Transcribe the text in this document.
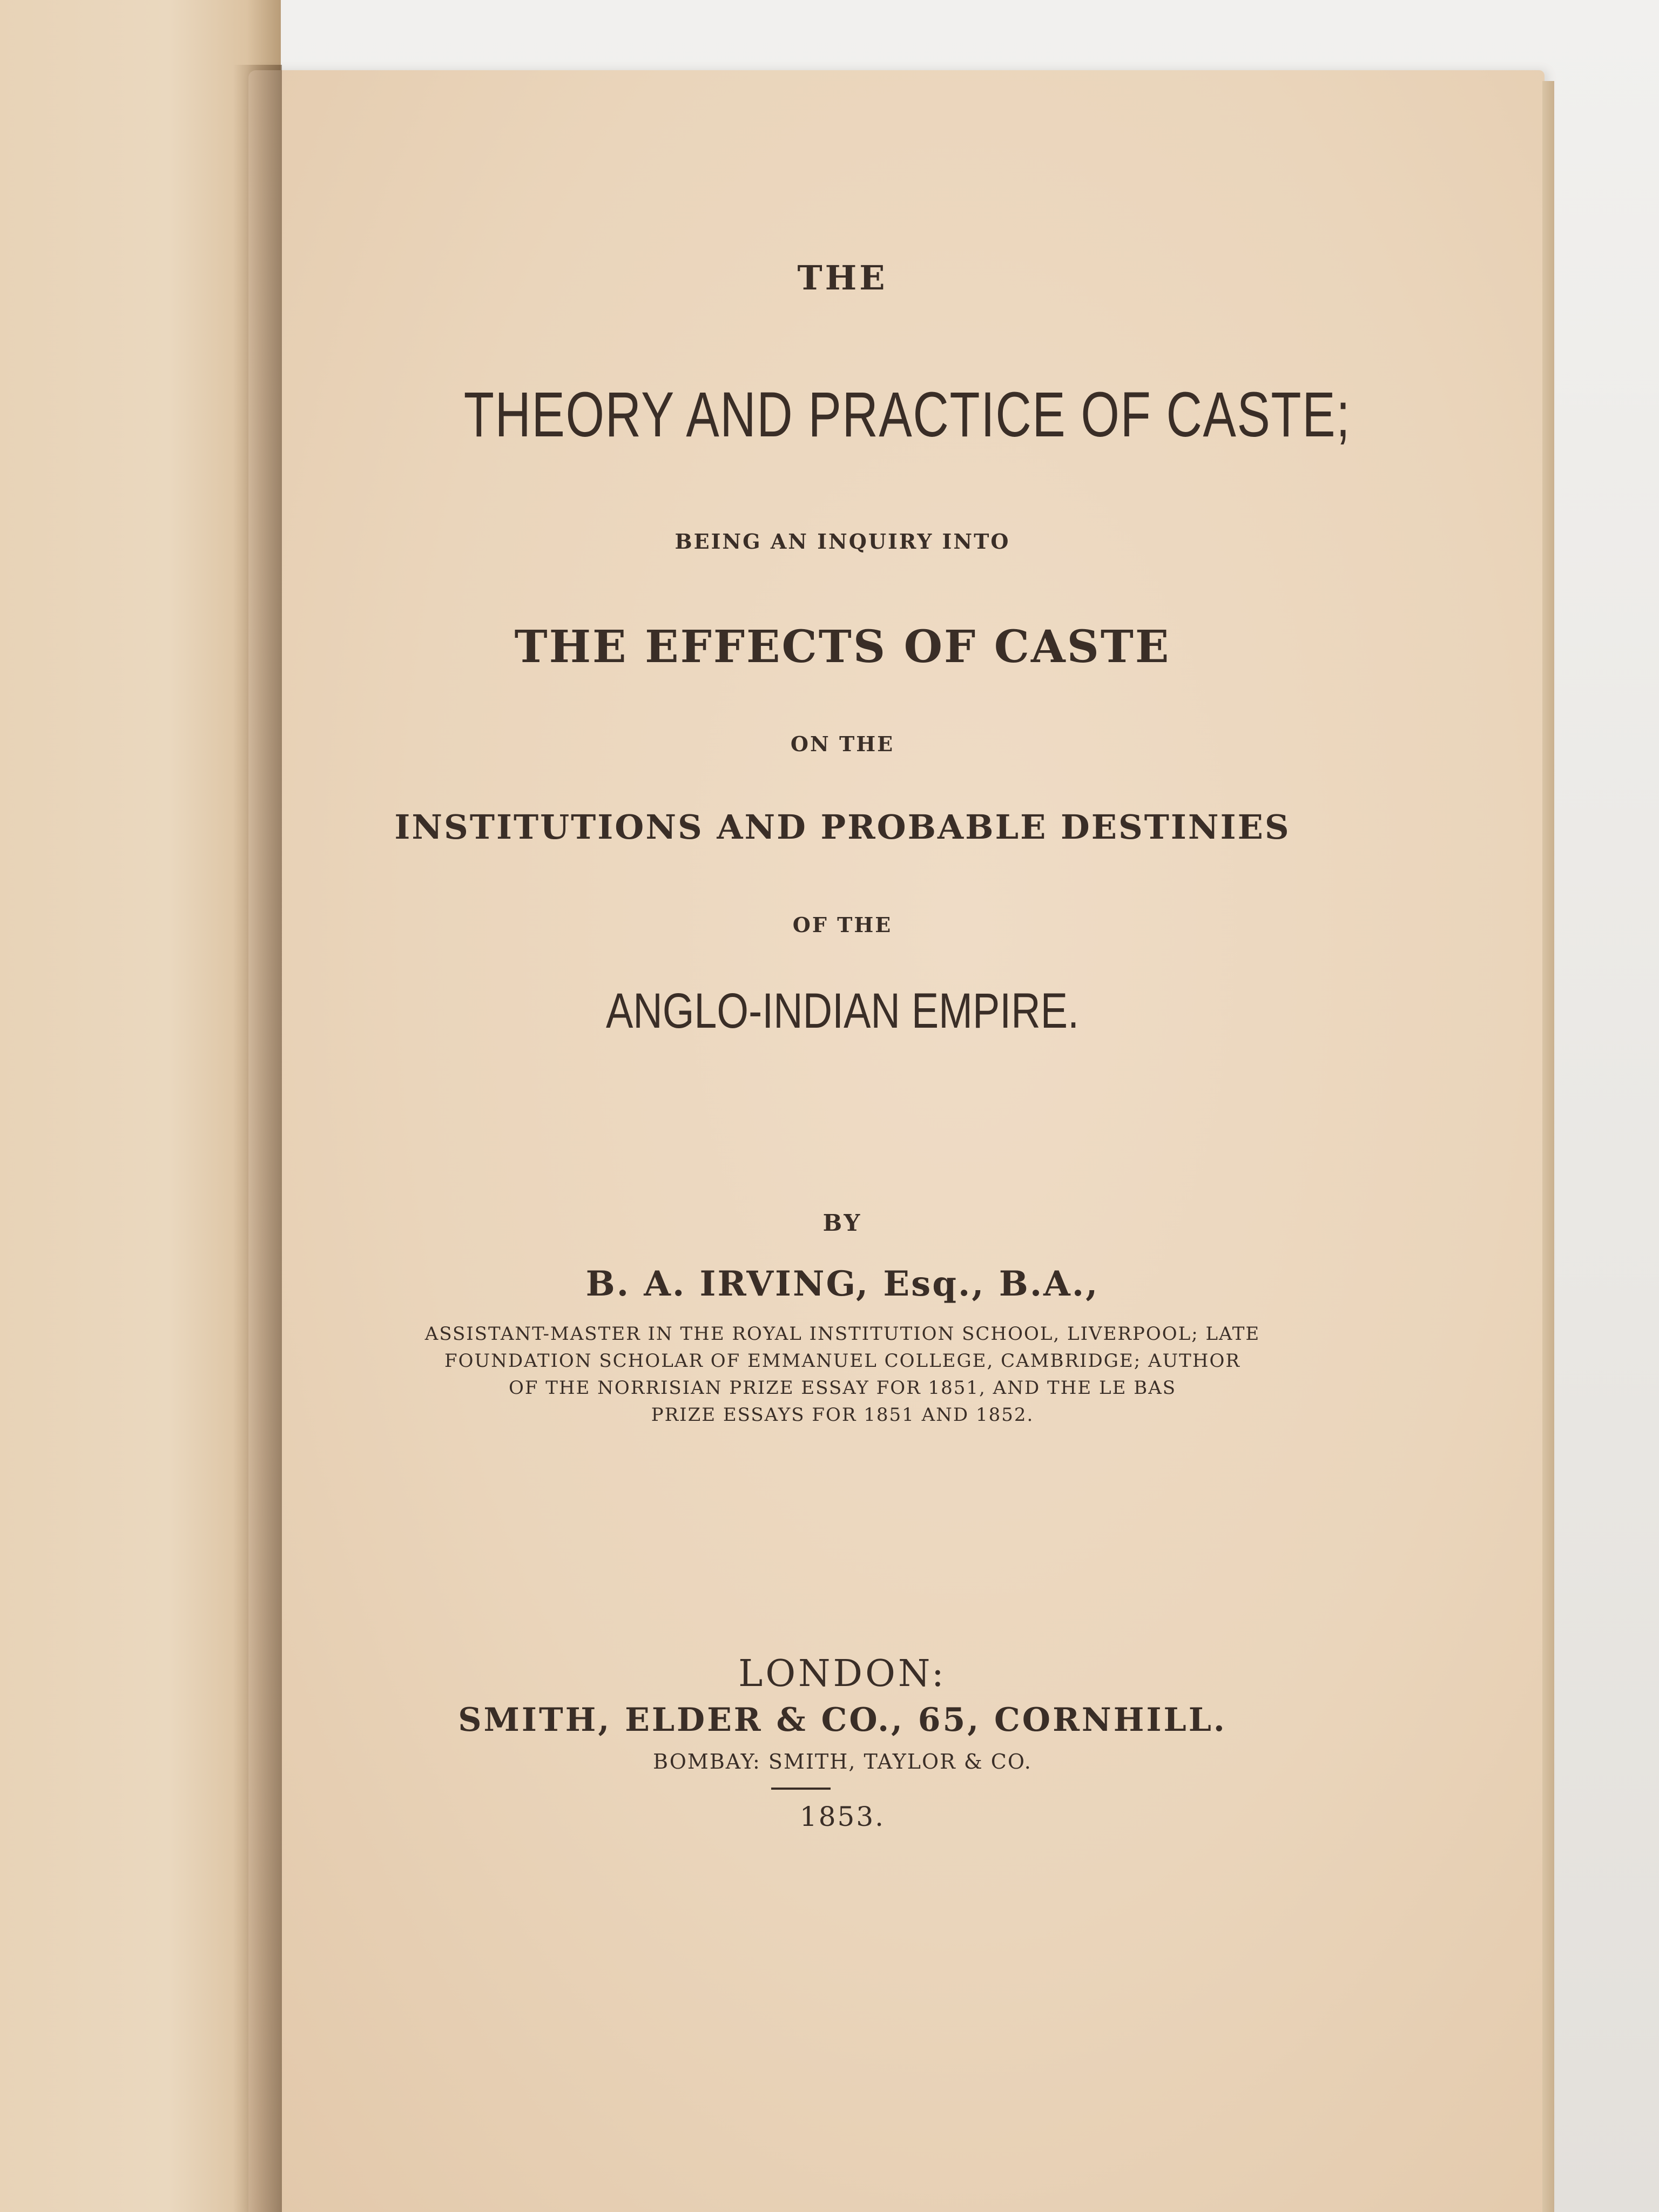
THE

THEORY AND PRACTICE OF CASTE;

BEING AN INQUIRY INTO

THE EFFECTS OF CASTE

ON THE

INSTITUTIONS AND PROBABLE DESTINIES

OF THE

ANGLO-INDIAN EMPIRE.

BY

B. A. IRVING, Esq., B.A.,

ASSISTANT-MASTER IN THE ROYAL INSTITUTION SCHOOL, LIVERPOOL; LATE

FOUNDATION SCHOLAR OF EMMANUEL COLLEGE, CAMBRIDGE; AUTHOR

OF THE NORRISIAN PRIZE ESSAY FOR 1851, AND THE LE BAS

PRIZE ESSAYS FOR 1851 AND 1852.

LONDON:

SMITH, ELDER & CO., 65, CORNHILL.

BOMBAY: SMITH, TAYLOR & CO.

1853.
